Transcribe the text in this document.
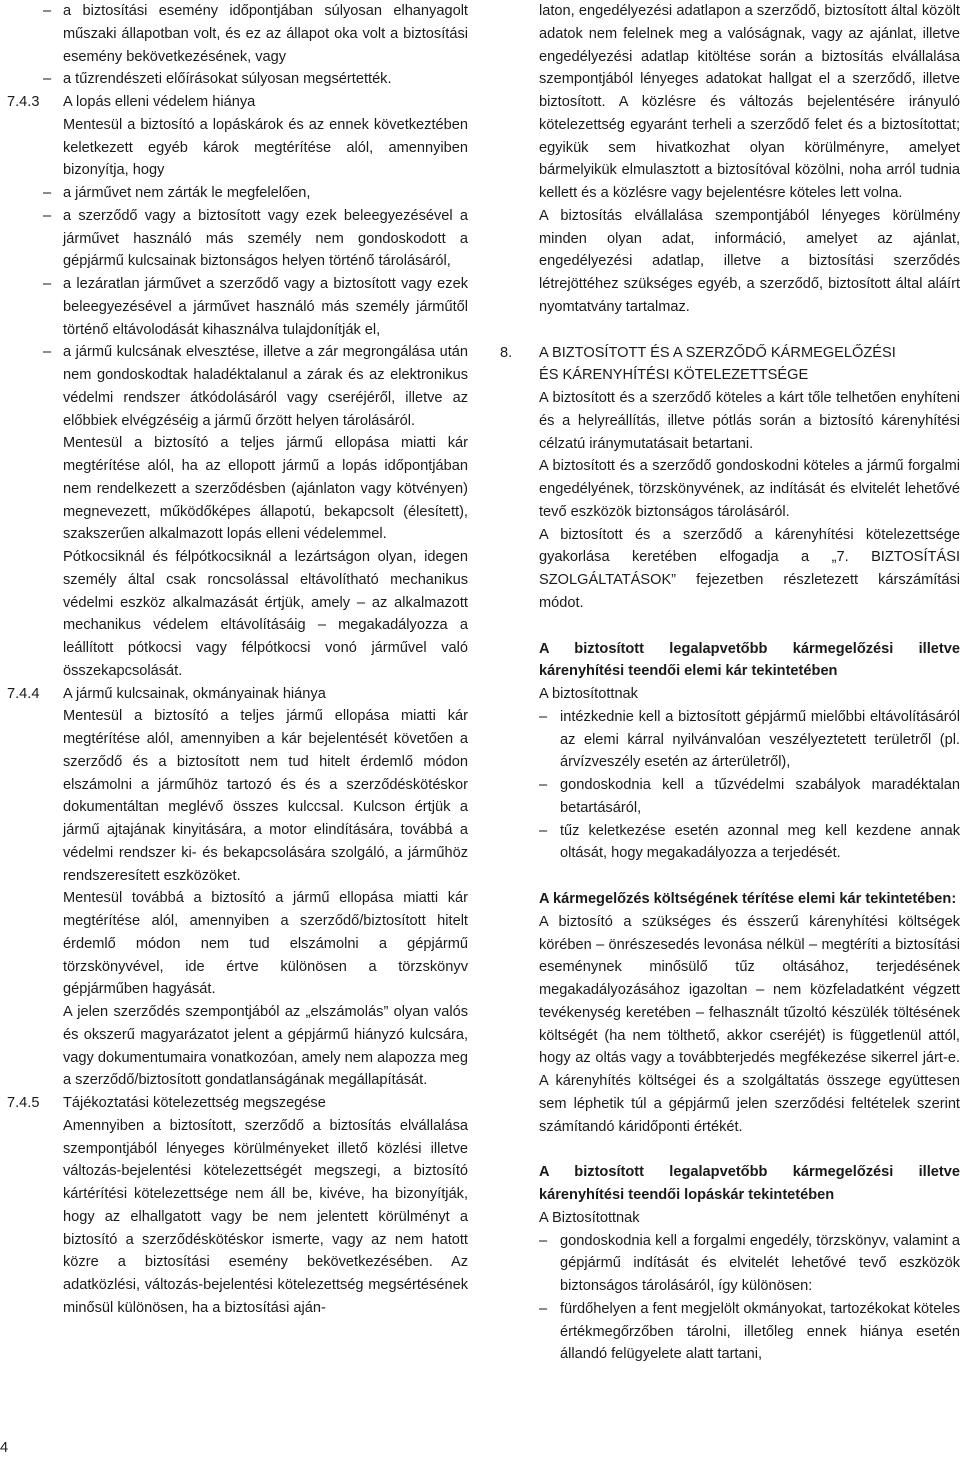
– a biztosítási esemény időpontjában súlyosan elhanyagolt műszaki állapotban volt, és ez az állapot oka volt a biztosítási esemény bekövetkezésének, vagy

– a tűzrendészeti előírásokat súlyosan megsértették.

7.4.3 A lopás elleni védelem hiánya

Mentesül a biztosító a lopáskárok és az ennek következtében keletkezett egyéb károk megtérítése alól, amennyiben bizonyítja, hogy

– a járművet nem zárták le megfelelően,

– a szerződő vagy a biztosított vagy ezek beleegyezésével a járművet használó más személy nem gondoskodott a gépjármű kulcsainak biztonságos helyen történő tárolásáról,

– a lezáratlan járművet a szerződő vagy a biztosított vagy ezek beleegyezésével a járművet használó más személy járműtől történő eltávolodását kihasználva tulajdonítják el,

– a jármű kulcsának elvesztése, illetve a zár megrongálása után nem gondoskodtak haladéktalanul a zárak és az elektronikus védelmi rendszer átkódolásáról vagy cseréjéről, illetve az előbbiek elvégzéséig a jármű őrzött helyen tárolásáról.

Mentesül a biztosító a teljes jármű ellopása miatti kár megtérítése alól, ha az ellopott jármű a lopás időpontjában nem rendelkezett a szerződésben (ajánlaton vagy kötvényen) megnevezett, működőképes állapotú, bekapcsolt (élesített), szakszerűen alkalmazott lopás elleni védelemmel.

Pótkocsiknál és félpótkocsiknál a lezártságon olyan, idegen személy által csak roncsolással eltávolítható mechanikus védelmi eszköz alkalmazását értjük, amely – az alkalmazott mechanikus védelem eltávolításáig – megakadályozza a leállított pótkocsi vagy félpótkocsi vonó járművel való összekapcsolását.

7.4.4 A jármű kulcsainak, okmányainak hiánya

Mentesül a biztosító a teljes jármű ellopása miatti kár megtérítése alól, amennyiben a kár bejelentését követően a szerződő és a biztosított nem tud hitelt érdemlő módon elszámolni a járműhöz tartozó és és a szerződéskötéskor dokumentáltan meglévő összes kulccsal. Kulcson értjük a jármű ajtajának kinyitására, a motor elindítására, továbbá a védelmi rendszer ki- és bekapcsolására szolgáló, a járműhöz rendszeresített eszközöket.

Mentesül továbbá a biztosító a jármű ellopása miatti kár megtérítése alól, amennyiben a szerződő/biztosított hitelt érdemlő módon nem tud elszámolni a gépjármű törzskönyvével, ide értve különösen a törzskönyv gépjárműben hagyását.

A jelen szerződés szempontjából az „elszámolás” olyan valós és okszerű magyarázatot jelent a gépjármű hiányzó kulcsára, vagy dokumentumaira vonatkozóan, amely nem alapozza meg a szerződő/biztosított gondatlanságának megállapítását.

7.4.5 Tájékoztatási kötelezettség megszegése

Amennyiben a biztosított, szerződő a biztosítás elvállalása szempontjából lényeges körülményeket illető közlési illetve változás-bejelentési kötelezettségét megszegi, a biztosító kártérítési kötelezettsége nem áll be, kivéve, ha bizonyítják, hogy az elhallgatott vagy be nem jelentett körülményt a biztosító a szerződéskötéskor ismerte, vagy az nem hatott közre a biztosítási esemény bekövetkezésében. Az adatközlési, változás-bejelentési kötelezettség megsértésének minősül különösen, ha a biztosítási aján-

laton, engedélyezési adatlapon a szerződő, biztosított által közölt adatok nem felelnek meg a valóságnak, vagy az ajánlat, illetve engedélyezési adatlap kitöltése során a biztosítás elvállalása szempontjából lényeges adatokat hallgat el a szerződő, illetve biztosított. A közlésre és változás bejelentésére irányuló kötelezettség egyaránt terheli a szerződő felet és a biztosítottat; egyikük sem hivatkozhat olyan körülményre, amelyet bármelyikük elmulasztott a biztosítóval közölni, noha arról tudnia kellett és a közlésre vagy bejelentésre köteles lett volna.

A biztosítás elvállalása szempontjából lényeges körülmény minden olyan adat, információ, amelyet az ajánlat, engedélyezési adatlap, illetve a biztosítási szerződés létrejöttéhez szükséges egyéb, a szerződő, biztosított által aláírt nyomtatvány tartalmaz.

8. A BIZTOSÍTOTT ÉS A SZERZŐDŐ KÁRMEGELŐZÉSI
ÉS KÁRENYHÍTÉSI KÖTELEZETTSÉGE

A biztosított és a szerződő köteles a kárt tőle telhetően enyhíteni és a helyreállítás, illetve pótlás során a biztosító kárenyhítési célzatú iránymutatásait betartani.

A biztosított és a szerződő gondoskodni köteles a jármű forgalmi engedélyének, törzskönyvének, az indítását és elvitelét lehetővé tevő eszközök biztonságos tárolásáról.

A biztosított és a szerződő a kárenyhítési kötelezettsége gyakorlása keretében elfogadja a „7. BIZTOSÍTÁSI SZOLGÁLTATÁSOK” fejezetben részletezett kárszámítási módot.

A biztosított legalapvetőbb kármegelőzési illetve kárenyhítési teendői elemi kár tekintetében

A biztosítottnak

– intézkednie kell a biztosított gépjármű mielőbbi eltávolításáról az elemi kárral nyilvánvalóan veszélyeztetett területről (pl. árvízveszély esetén az árterületről),

– gondoskodnia kell a tűzvédelmi szabályok maradéktalan betartásáról,

– tűz keletkezése esetén azonnal meg kell kezdene annak oltását, hogy megakadályozza a terjedését.

A kármegelőzés költségének térítése elemi kár tekintetében:

A biztosító a szükséges és ésszerű kárenyhítési költségek körében – önrészesedés levonása nélkül – megtéríti a biztosítási eseménynek minősülő tűz oltásához, terjedésének megakadályozásához igazoltan – nem közfeladatként végzett tevékenység keretében – felhasznált tűzoltó készülék töltésének költségét (ha nem tölthető, akkor cseréjét) is függetlenül attól, hogy az oltás vagy a továbbterjedés megfékezése sikerrel járt-e. A kárenyhítés költségei és a szolgáltatás összege együttesen sem léphetik túl a gépjármű jelen szerződési feltételek szerint számítandó káridőponti értékét.

A biztosított legalapvetőbb kármegelőzési illetve kárenyhítési teendői lopáskár tekintetében

A Biztosítottnak

– gondoskodnia kell a forgalmi engedély, törzskönyv, valamint a gépjármű indítását és elvitelét lehetővé tevő eszközök biztonságos tárolásáról, így különösen:

– fürdőhelyen a fent megjelölt okmányokat, tartozékokat köteles értékmegőrzőben tárolni, illetőleg ennek hiánya esetén állandó felügyelete alatt tartani,

4
